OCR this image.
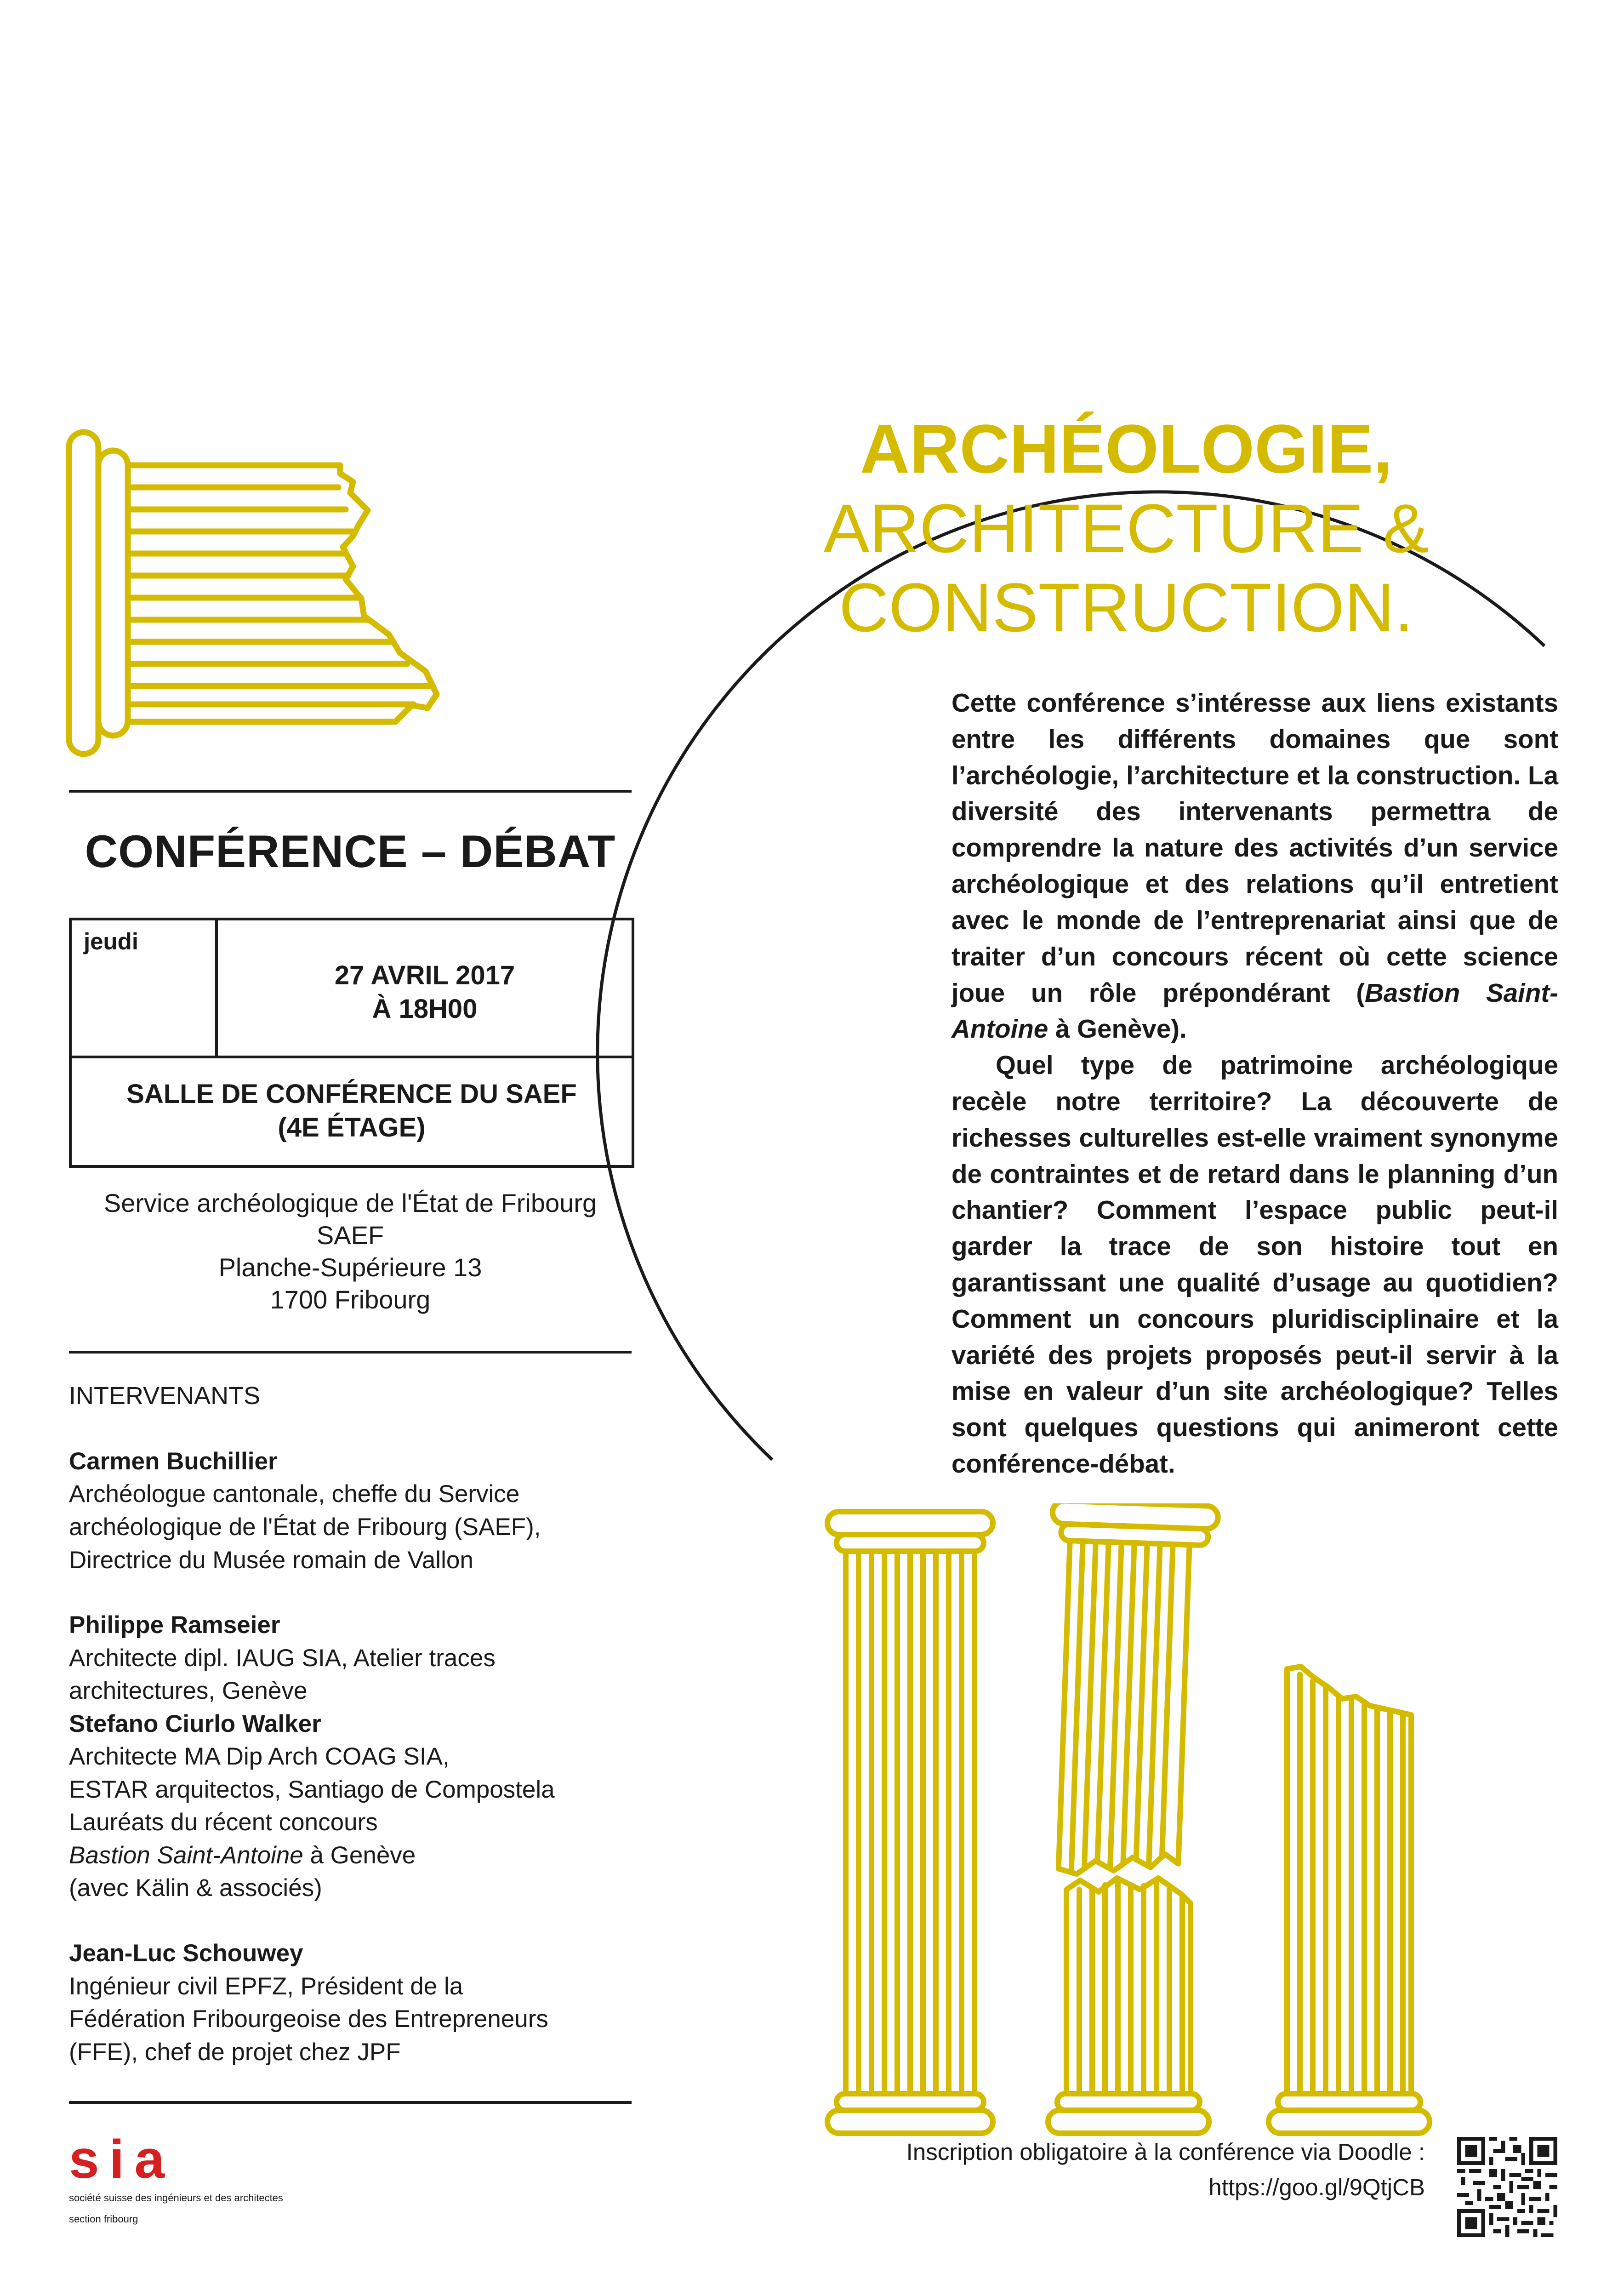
CONFÉRENCE – DÉBAT
jeudi
27 AVRIL 2017
À 18H00
SALLE DE CONFÉRENCE DU SAEF
(4E ÉTAGE)
Service archéologique de l'État de Fribourg
SAEF
Planche-Supérieure 13
1700 Fribourg
INTERVENANTS
Carmen Buchillier
Archéologue cantonale, cheffe du Service
archéologique de l'État de Fribourg (SAEF),
Directrice du Musée romain de Vallon
Philippe Ramseier
Architecte dipl. IAUG SIA, Atelier traces
architectures, Genève
Stefano Ciurlo Walker
Architecte MA Dip Arch COAG SIA,
ESTAR arquitectos, Santiago de Compostela
Lauréats du récent concours
Bastion Saint-Antoine à Genève
(avec Kälin & associés)
Jean-Luc Schouwey
Ingénieur civil EPFZ, Président de la
Fédération Fribourgeoise des Entrepreneurs
(FFE), chef de projet chez JPF
ARCHÉOLOGIE,
ARCHITECTURE &
CONSTRUCTION.

Cette conférence s’intéresse aux liens existants entre les différents domaines que sont l’archéologie, l’architecture et la construction. La diversité des intervenants permettra de comprendre la nature des activités d’un service archéologique et des relations qu’il entretient avec le monde de l’entreprenariat ainsi que de traiter d’un concours récent où cette science joue un rôle prépondérant (Bastion Saint-Antoine à Genève).

Quel type de patrimoine archéologique recèle notre territoire? La découverte de richesses culturelles est-elle vraiment synonyme de contraintes et de retard dans le planning d’un chantier? Comment l’espace public peut-il garder la trace de son histoire tout en garantissant une qualité d’usage au quotidien? Comment un concours pluridisciplinaire et la variété des projets proposés peut-il servir à la mise en valeur d’un site archéologique? Telles sont quelques questions qui animeront cette conférence-débat.

sia
société suisse des ingénieurs et des architectes
section fribourg
Inscription obligatoire à la conférence via Doodle :
https://goo.gl/9QtjCB
